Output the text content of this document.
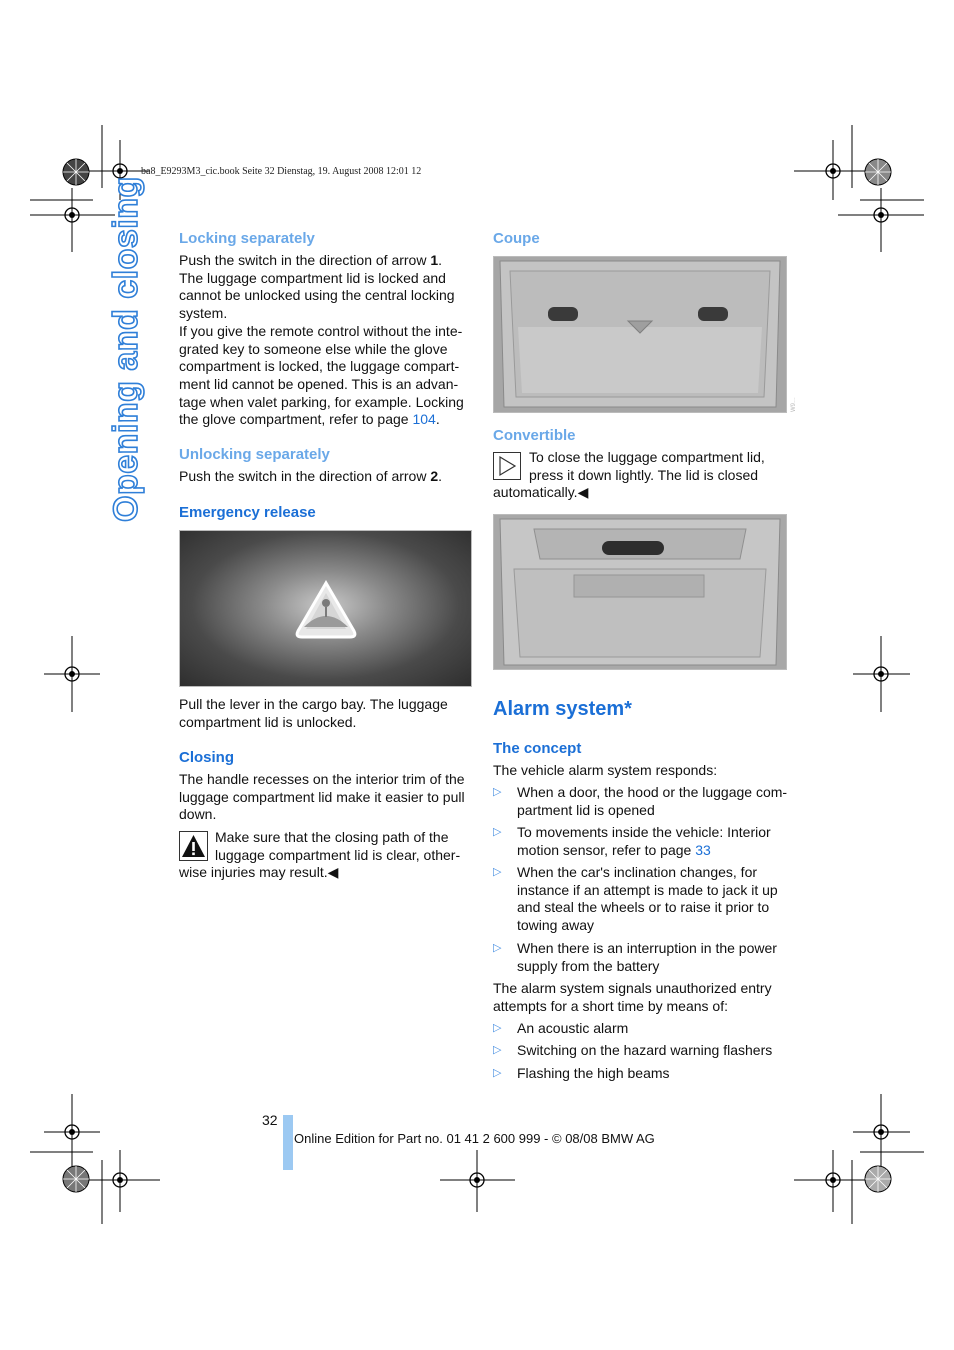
ba8_E9293M3_cic.book Seite 32 Dienstag, 19. August 2008 12:01 12
Opening and closing	Locking separately
Push the switch in the direction of arrow 1.
The luggage compartment lid is locked and
cannot be unlocked using the central locking
system.
If you give the remote control without the inte-
grated key to someone else while the glove
compartment is locked, the luggage compart-
ment lid cannot be opened. This is an advan-
tage when valet parking, for example. Locking
the glove compartment, refer to page 104.
Unlocking separately
Push the switch in the direction of arrow 2.
Emergency release
Pull the lever in the cargo bay. The luggage
compartment lid is unlocked.
Closing
The handle recesses on the interior trim of the
luggage compartment lid make it easier to pull
down.
Make sure that the closing path of the
luggage compartment lid is clear, other-
wise injuries may result.◀
Coupe
W9…
Convertible
To close the luggage compartment lid,
press it down lightly. The lid is closed
automatically.◀
Alarm system*
The concept
The vehicle alarm system responds:
▷ When a door, the hood or the luggage com-
partment lid is opened
▷ To movements inside the vehicle: Interior
motion sensor, refer to page 33
▷ When the car's inclination changes, for
instance if an attempt is made to jack it up
and steal the wheels or to raise it prior to
towing away
▷ When there is an interruption in the power
supply from the battery
The alarm system signals unauthorized entry
attempts for a short time by means of:
▷ An acoustic alarm
▷ Switching on the hazard warning flashers
▷ Flashing the high beams
32
Online Edition for Part no. 01 41 2 600 999 - © 08/08 BMW AG
